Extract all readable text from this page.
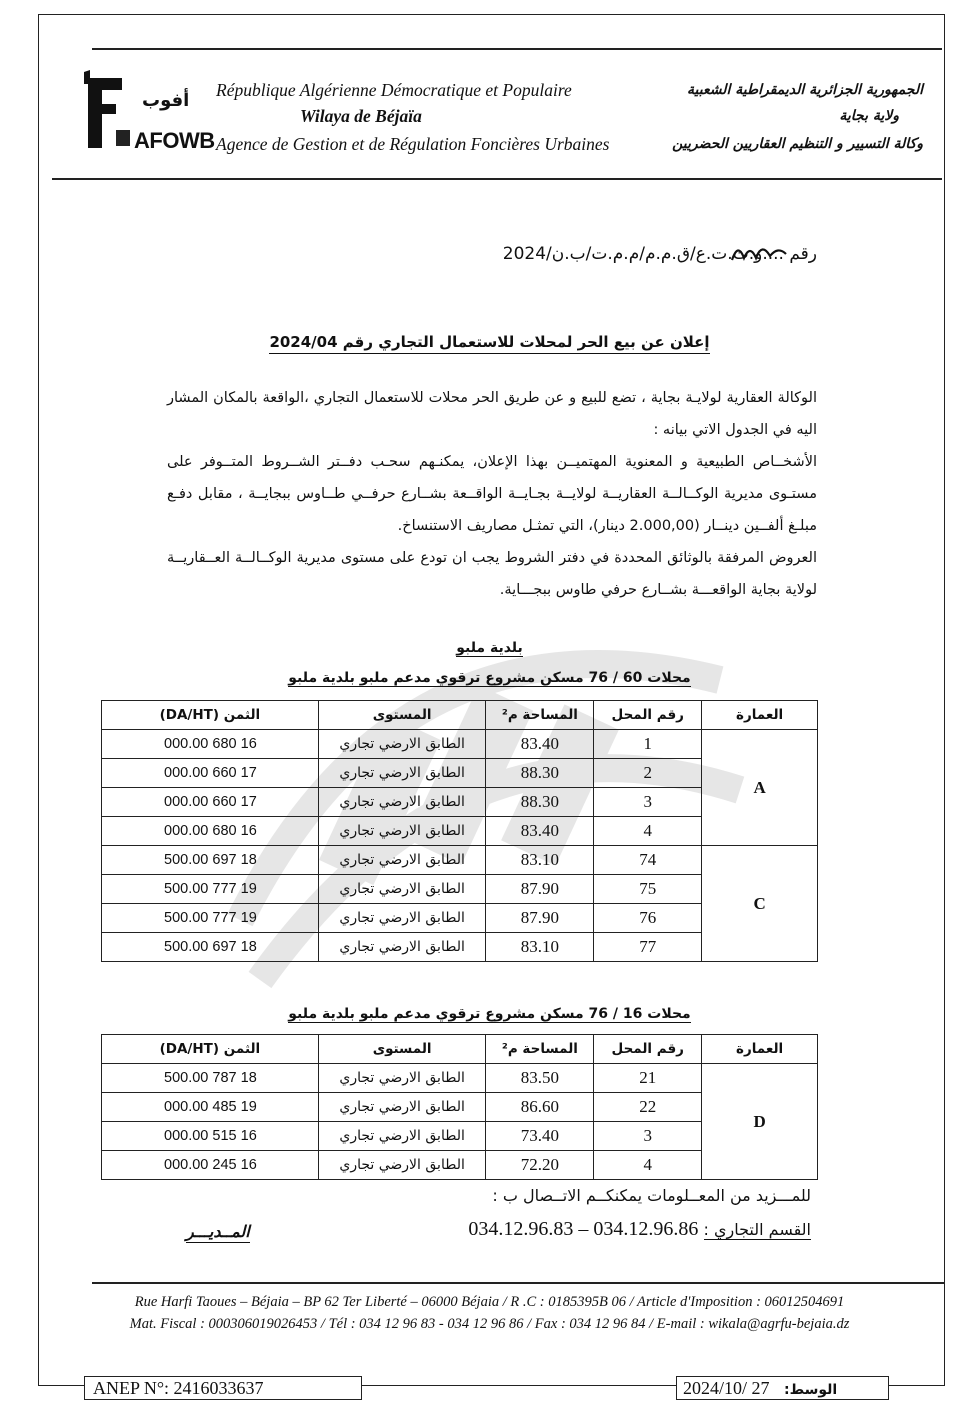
أفوب
AFOWB
République Algérienne Démocratique et Populaire
Wilaya de Béjaïa
Agence de Gestion et de Régulation Foncières Urbaines
الجمهورية الجزائرية الديمقراطية الشعبية
ولاية بجاية
وكالة التسيير و التنظيم العقاريين الحضريين
رقم ....و.ت.ت.ع/ق.م.م/م.م.ت/ب.ن/2024
إعلان عن بيع الحر لمحلات للاستعمال التجاري رقم 2024/04
الوكالة العقارية لولايـة بجاية ، تضع للبيع و عن طريق الحر محلات للاستعمال التجاري ،الواقعة بالمكان المشار اليه في الجدول الاتي بيانه :
الأشخــاص الطبيعية و المعنوية المهتميــن بهذا الإعلان، يمكنـهم سحـب دفــتر الشــروط المتــوفر على مستـوى مديرية الوكــالــة العقاريــة لولايــة بجـايــة الواقــعة بشــارع حرفــي طــاوس ببجايــة ، مقابل دفـع مبلـغ ألفــين دينــار (2.000,00 دينار)، التي تمثـل مصاريف الاستنساخ.
العروض المرفقة بالوثائق المحددة في دفتر الشروط يجب ان تودع على مستوى مديرية الوكــالــة العــقاريــة لولاية بجاية الواقعـــة بشــارع حرفي طاوس ببجـــاية.
بلدية ملبو
محلات 60 / 76 مسكن مشروع ترقوي مدعم ملبو بلدية ملبو
العمارة	رقم المحل	المساحة م²	المستوى	الثمن (DA/HT)
A	1	83.40	الطابق الارضي تجاري	16 680 000.00
	2	88.30	الطابق الارضي تجاري	17 660 000.00
	3	88.30	الطابق الارضي تجاري	17 660 000.00
	4	83.40	الطابق الارضي تجاري	16 680 000.00
C	74	83.10	الطابق الارضي تجاري	18 697 500.00
	75	87.90	الطابق الارضي تجاري	19 777 500.00
	76	87.90	الطابق الارضي تجاري	19 777 500.00
	77	83.10	الطابق الارضي تجاري	18 697 500.00
محلات 16 / 76 مسكن مشروع ترقوي مدعم ملبو بلدية ملبو
العمارة	رقم المحل	المساحة م²	المستوى	الثمن (DA/HT)
D	21	83.50	الطابق الارضي تجاري	18 787 500.00
	22	86.60	الطابق الارضي تجاري	19 485 000.00
	3	73.40	الطابق الارضي تجاري	16 515 000.00
	4	72.20	الطابق الارضي تجاري	16 245 000.00
للمـــزيد من المعــلومات يمكنكــم الاتــصال ب :
القسم التجاري : 034.12.96.83 – 034.12.96.86
المــديـــر
Rue Harfi Taoues – Béjaia – BP 62 Ter Liberté – 06000 Béjaia / R .C : 0185395B 06 / Article d'Imposition : 06012504691
Mat. Fiscal : 000306019026453 / Tél : 034 12 96 83 - 034 12 96 86 / Fax : 034 12 96 84 / E-mail : wikala@agrfu-bejaia.dz
ANEP N°: 2416033637	2024/10/ 27 الوسط:
